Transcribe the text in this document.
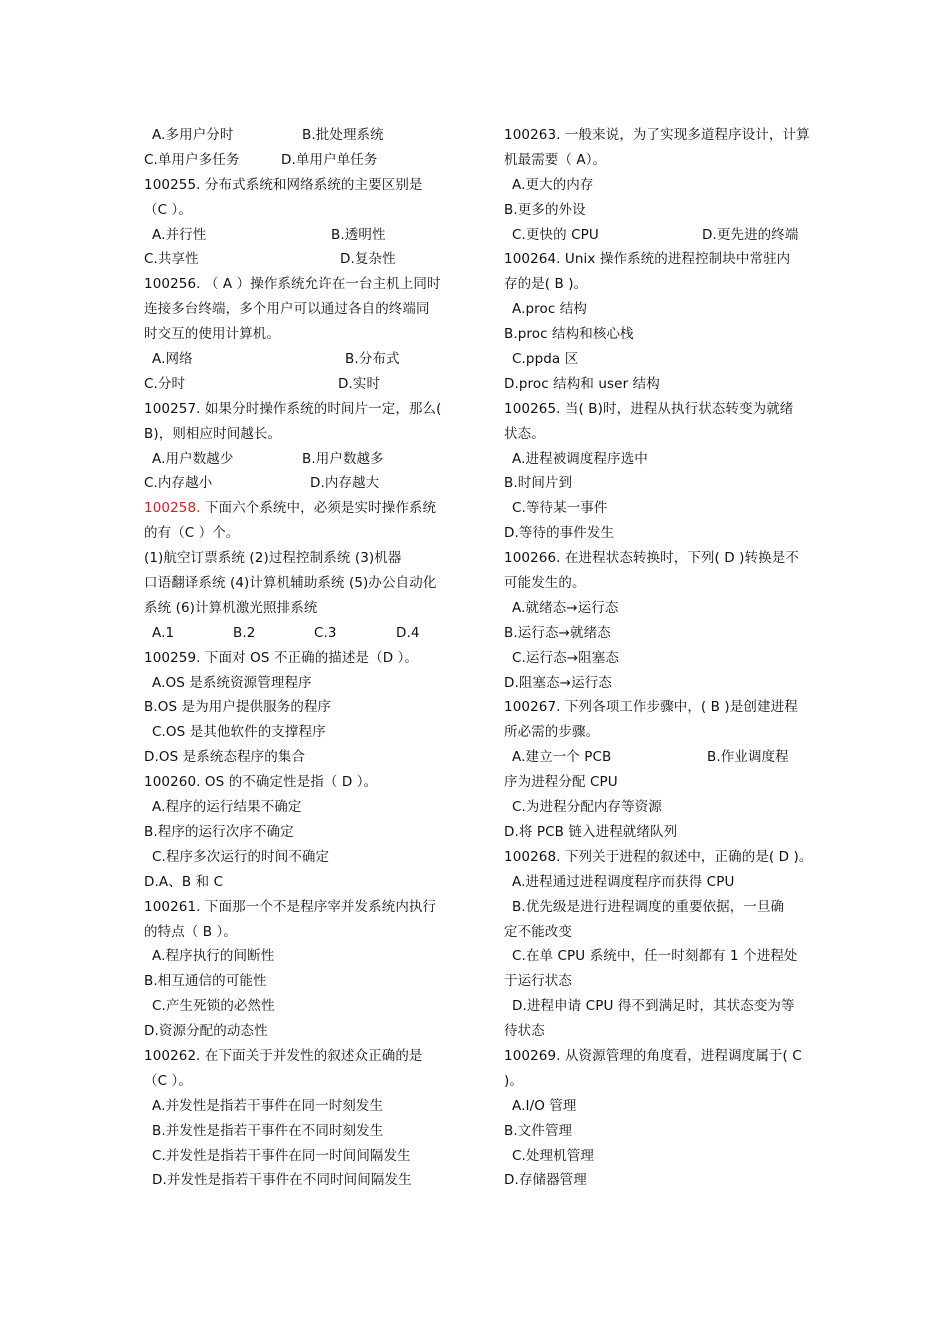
A.多用户分时	B.批处理系统
C.单用户多任务	D.单用户单任务
100255. 分布式系统和网络系统的主要区别是
（C ）。
A.并行性	B.透明性
C.共享性	D.复杂性
100256. （ A ）操作系统允许在一台主机上同时
连接多台终端，多个用户可以通过各自的终端同
时交互的使用计算机。
A.网络	B.分布式
C.分时	D.实时
100257. 如果分时操作系统的时间片一定，那么(
B)，则相应时间越长。
A.用户数越少	B.用户数越多
C.内存越小	D.内存越大
100258. 下面六个系统中，必须是实时操作系统
的有（C ）个。
(1)航空订票系统 (2)过程控制系统 (3)机器
口语翻译系统 (4)计算机辅助系统 (5)办公自动化
系统 (6)计算机激光照排系统
A.1	B.2	C.3	D.4
100259. 下面对 OS 不正确的描述是（D ）。
A.OS 是系统资源管理程序
B.OS 是为用户提供服务的程序
C.OS 是其他软件的支撑程序
D.OS 是系统态程序的集合
100260. OS 的不确定性是指（ D ）。
A.程序的运行结果不确定
B.程序的运行次序不确定
C.程序多次运行的时间不确定
D.A、B 和 C
100261. 下面那一个不是程序宰并发系统内执行
的特点（ B ）。
A.程序执行的间断性
B.相互通信的可能性
C.产生死锁的必然性
D.资源分配的动态性
100262. 在下面关于并发性的叙述众正确的是
（C ）。
A.并发性是指若干事件在同一时刻发生
B.并发性是指若干事件在不同时刻发生
C.并发性是指若干事件在同一时间间隔发生
D.并发性是指若干事件在不同时间间隔发生
100263. 一般来说，为了实现多道程序设计，计算
机最需要（ A）。
A.更大的内存
B.更多的外设
C.更快的 CPU	D.更先进的终端
100264. Unix 操作系统的进程控制块中常驻内
存的是( B )。
A.proc 结构
B.proc 结构和核心栈
C.ppda 区
D.proc 结构和 user 结构
100265. 当( B)时，进程从执行状态转变为就绪
状态。
A.进程被调度程序选中
B.时间片到
C.等待某一事件
D.等待的事件发生
100266. 在进程状态转换时，下列( D )转换是不
可能发生的。
A.就绪态→运行态
B.运行态→就绪态
C.运行态→阻塞态
D.阻塞态→运行态
100267. 下列各项工作步骤中，( B )是创建进程
所必需的步骤。
A.建立一个 PCB	B.作业调度程
序为进程分配 CPU
C.为进程分配内存等资源
D.将 PCB 链入进程就绪队列
100268. 下列关于进程的叙述中，正确的是( D )。
A.进程通过进程调度程序而获得 CPU
B.优先级是进行进程调度的重要依据，一旦确
定不能改变
C.在单 CPU 系统中，任一时刻都有 1 个进程处
于运行状态
D.进程申请 CPU 得不到满足时，其状态变为等
待状态
100269. 从资源管理的角度看，进程调度属于( C
)。
A.I/O 管理
B.文件管理
C.处理机管理
D.存储器管理
